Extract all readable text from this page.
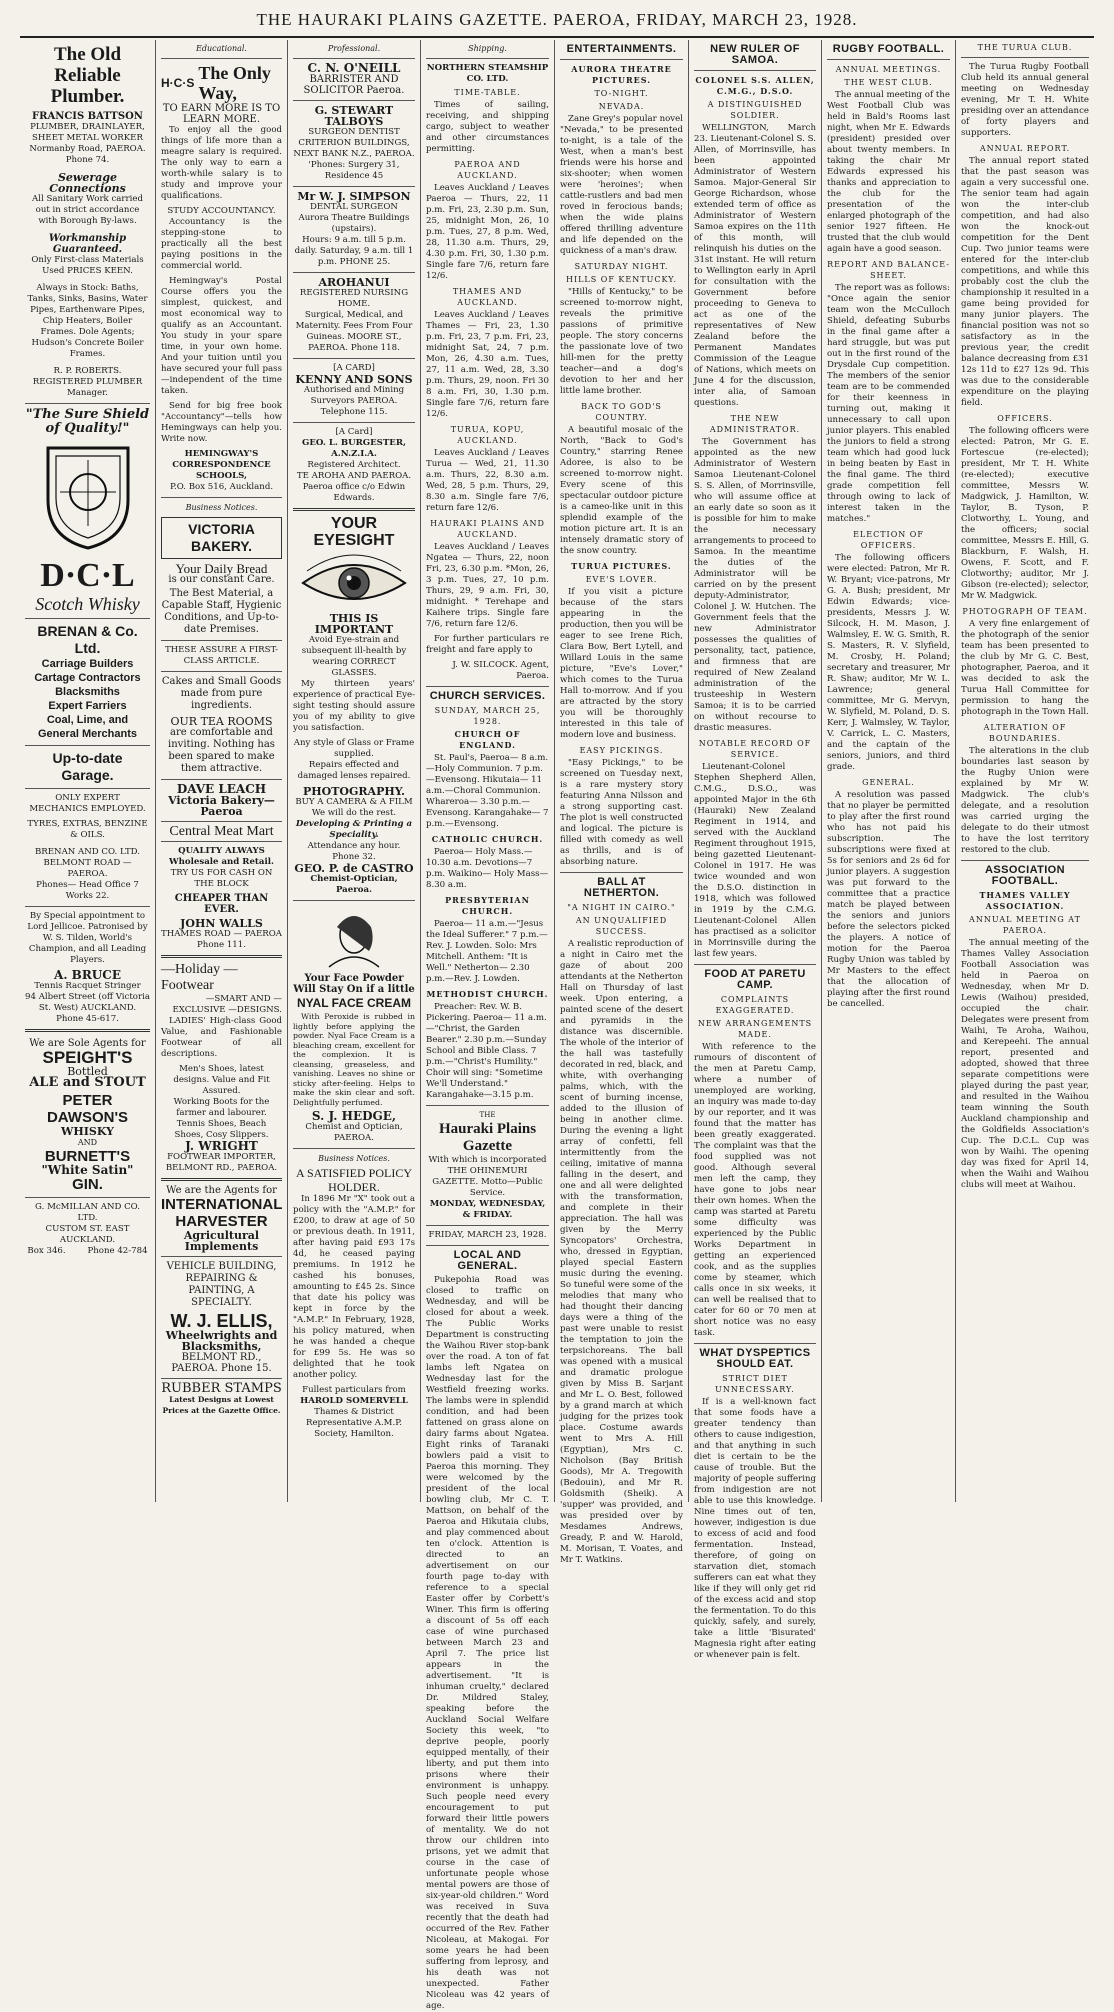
THE HAURAKI PLAINS GAZETTE. PAEROA, FRIDAY, MARCH 23, 1928.
The Old Reliable Plumber.
FRANCIS BATTSON
PLUMBER, DRAINLAYER, SHEET METAL WORKER
Normanby Road, PAEROA. Phone 74.
Sewerage Connections
All Sanitary Work carried out in strict accordance with Borough By-laws.
Workmanship Guaranteed.
Only First-class Materials Used PRICES KEEN.
Always in Stock: Baths, Tanks, Sinks, Basins, Water Pipes, Earthenware Pipes, Chip Heaters, Boiler Frames. Dole Agents; Hudson's Concrete Boiler Frames.
R. P. ROBERTS. REGISTERED PLUMBER Manager.
"The Sure Shield of Quality!"
D·C·L
Scotch Whisky
BRENAN & Co. Ltd.
Carriage Builders
Cartage Contractors
Blacksmiths
Expert Farriers
Coal, Lime, and
General Merchants
Up-to-date Garage.
ONLY EXPERT MECHANICS EMPLOYED.
TYRES, EXTRAS, BENZINE & OILS.
BRENAN AND CO. LTD. BELMONT ROAD — PAEROA.
Phones— Head Office 7 Works 22.
By Special appointment to Lord Jellicoe. Patronised by W. S. Tilden, World's Champion, and all Leading Players.
A. BRUCE
Tennis Racquet Stringer
94 Albert Street (off Victoria St. West) AUCKLAND. Phone 45-617.
We are Sole Agents for
SPEIGHT'S
Bottled
ALE and STOUT
PETER DAWSON'S
WHISKY
AND
BURNETT'S
"White Satin"
GIN.
G. McMILLAN AND CO. LTD.
CUSTOM ST. EAST AUCKLAND.
Box 346.        Phone 42-784
Educational.
H·C·S The Only Way,
TO EARN MORE IS TO LEARN MORE.

To enjoy all the good things of life more than a meagre salary is required. The only way to earn a worth-while salary is to study and improve your qualifications.

STUDY ACCOUNTANCY.

Accountancy is the stepping-stone to practically all the best paying positions in the commercial world.

Hemingway's Postal Course offers you the simplest, quickest, and most economical way to qualify as an Accountant. You study in your spare time, in your own home. And your tuition until you have secured your full pass—independent of the time taken.

Send for big free book "Accountancy"—tells how Hemingways can help you. Write now.

HEMINGWAY'S CORRESPONDENCE SCHOOLS,
P.O. Box 516, Auckland.
Business Notices.
VICTORIA BAKERY.
Your Daily Bread
is our constant Care.
The Best Material, a Capable Staff, Hygienic Conditions, and Up-to-date Premises.
THESE ASSURE A FIRST-CLASS ARTICLE.
Cakes and Small Goods made from pure ingredients.
OUR TEA ROOMS
are comfortable and inviting. Nothing has been spared to make them attractive.
DAVE LEACH
Victoria Bakery—Paeroa
Central Meat Mart
QUALITY ALWAYS
Wholesale and Retail.
TRY US FOR CASH ON THE BLOCK
CHEAPER THAN EVER.
JOHN WALLS
THAMES ROAD — PAEROA Phone 111.
—Holiday —Footwear
—SMART AND —EXCLUSIVE —DESIGNS.

LADIES' High-class Good Value, and Fashionable Footwear of all descriptions.

Men's Shoes, latest designs. Value and Fit Assured.
Working Boots for the farmer and labourer.
Tennis Shoes, Beach Shoes, Cosy Slippers.
J. WRIGHT
FOOTWEAR IMPORTER, BELMONT RD., PAEROA.
We are the Agents for
INTERNATIONAL HARVESTER
Agricultural Implements
VEHICLE BUILDING, REPAIRING & PAINTING, A SPECIALTY.
W. J. ELLIS,
Wheelwrights and Blacksmiths,
BELMONT RD., PAEROA. Phone 15.
RUBBER STAMPS
Latest Designs at Lowest Prices at the Gazette Office.
Professional.
C. N. O'NEILL
BARRISTER AND SOLICITOR Paeroa.
G. STEWART TALBOYS
SURGEON DENTIST
CRITERION BUILDINGS, NEXT BANK N.Z., PAEROA.
'Phones: Surgery 31, Residence 45
Mr W. J. SIMPSON
DENTAL SURGEON
Aurora Theatre Buildings (upstairs).
Hours: 9 a.m. till 5 p.m. daily. Saturday, 9 a.m. till 1 p.m. PHONE 25.
AROHANUI
REGISTERED NURSING HOME.
Surgical, Medical, and Maternity. Fees From Four Guineas. MOORE ST., PAEROA. Phone 118.
[A CARD]
KENNY AND SONS
Authorised and Mining Surveyors PAEROA. Telephone 115.
[A Card]
GEO. L. BURGESTER, A.N.Z.I.A.
Registered Architect.
TE AROHA AND PAEROA.
Paeroa office c/o Edwin Edwards.
YOUR EYESIGHT
THIS IS IMPORTANT
Avoid Eye-strain and subsequent ill-health by wearing CORRECT GLASSES.

My thirteen years' experience of practical Eye-sight testing should assure you of my ability to give you satisfaction.

Any style of Glass or Frame supplied.
Repairs effected and damaged lenses repaired.
PHOTOGRAPHY.
BUY A CAMERA & A FILM We will do the rest.
Developing & Printing a Speciality.
Attendance any hour. Phone 32.
GEO. P. de CASTRO
Chemist-Optician, Paeroa.
Your Face Powder Will Stay On if a little
NYAL FACE CREAM

With Peroxide is rubbed in lightly before applying the powder. Nyal Face Cream is a bleaching cream, excellent for the complexion. It is cleansing, greaseless, and vanishing. Leaves no shine or sticky after-feeling. Helps to make the skin clear and soft. Delightfully perfumed.

S. J. HEDGE,
Chemist and Optician, PAEROA.
Business Notices.
A SATISFIED POLICY HOLDER.

In 1896 Mr "X" took out a policy with the "A.M.P." for £200, to draw at age of 50 or previous death. In 1911, after having paid £93 17s 4d, he ceased paying premiums. In 1912 he cashed his bonuses, amounting to £45 2s. Since that date his policy was kept in force by the "A.M.P." In February, 1928, his policy matured, when he was handed a cheque for £99 5s. He was so delighted that he took another policy.

Fullest particulars from
HAROLD SOMERVELL
Thames & District Representative A.M.P. Society, Hamilton.
Shipping.
NORTHERN STEAMSHIP CO. LTD.
TIME-TABLE.

Times of sailing, receiving, and shipping cargo, subject to weather and other circumstances permitting.

PAEROA AND AUCKLAND.

Leaves Auckland / Leaves Paeroa — Thurs, 22, 11 p.m. Fri, 23, 2.30 p.m. Sun, 25, midnight Mon, 26, 10 p.m. Tues, 27, 8 p.m. Wed, 28, 11.30 a.m. Thurs, 29, 4.30 p.m. Fri, 30, 1.30 p.m. Single fare 7/6, return fare 12/6.

THAMES AND AUCKLAND.

Leaves Auckland / Leaves Thames — Fri, 23, 1.30 p.m. Fri, 23, 7 p.m. Fri, 23, midnight Sat, 24, 7 p.m. Mon, 26, 4.30 a.m. Tues, 27, 11 a.m. Wed, 28, 3.30 p.m. Thurs, 29, noon. Fri 30 8 a.m. Fri, 30, 1.30 p.m. Single fare 7/6, return fare 12/6.

TURUA, KOPU, AUCKLAND.

Leaves Auckland / Leaves Turua — Wed, 21, 11.30 a.m. Thurs, 22, 8.30 a.m. Wed, 28, 5 p.m. Thurs, 29, 8.30 a.m. Single fare 7/6, return fare 12/6.

HAURAKI PLAINS AND AUCKLAND.

Leaves Auckland / Leaves Ngatea — Thurs, 22, noon Fri, 23, 6.30 p.m. *Mon, 26, 3 p.m. Tues, 27, 10 p.m. Thurs, 29, 9 a.m. Fri, 30, midnight. * Terehape and Kaihere trips. Single fare 7/6, return fare 12/6.

For further particulars re freight and fare apply to

J. W. SILCOCK. Agent, Paeroa.
CHURCH SERVICES.
SUNDAY, MARCH 25, 1928.
CHURCH OF ENGLAND.

St. Paul's, Paeroa— 8 a.m.—Holy Communion. 7 p.m.—Evensong. Hikutaia— 11 a.m.—Choral Communion. Whareroa— 3.30 p.m.—Evensong. Karangahake— 7 p.m.—Evensong.

CATHOLIC CHURCH.

Paeroa— Holy Mass.—10.30 a.m. Devotions—7 p.m. Waikino— Holy Mass—8.30 a.m.

PRESBYTERIAN CHURCH.

Paeroa— 11 a.m.—"Jesus the Ideal Sufferer." 7 p.m.—Rev. J. Lowden. Solo: Mrs Mitchell. Anthem: "It is Well." Netherton— 2.30 p.m.—Rev. J. Lowden.

METHODIST CHURCH.

Preacher: Rev. W. B. Pickering. Paeroa— 11 a.m.—"Christ, the Garden Bearer." 2.30 p.m.—Sunday School and Bible Class. 7 p.m.—"Christ's Humility." Choir will sing: "Sometime We'll Understand." Karangahake—3.15 p.m.

THE
Hauraki Plains Gazette
With which is incorporated THE OHINEMURI GAZETTE. Motto—Public Service.
MONDAY, WEDNESDAY, & FRIDAY.
FRIDAY, MARCH 23, 1928.
LOCAL AND GENERAL.

Pukepohia Road was closed to traffic on Wednesday, and will be closed for about a week. The Public Works Department is constructing the Waihou River stop-bank over the road. A ton of fat lambs left Ngatea on Wednesday last for the Westfield freezing works. The lambs were in splendid condition, and had been fattened on grass alone on dairy farms about Ngatea. Eight rinks of Taranaki bowlers paid a visit to Paeroa this morning. They were welcomed by the president of the local bowling club, Mr C. T. Mattson, on behalf of the Paeroa and Hikutaia clubs, and play commenced about ten o'clock. Attention is directed to an advertisement on our fourth page to-day with reference to a special Easter offer by Corbett's Winer. This firm is offering a discount of 5s off each case of wine purchased between March 23 and April 7. The price list appears in the advertisement. "It is inhuman cruelty," declared Dr. Mildred Staley, speaking before the Auckland Social Welfare Society this week, "to deprive people, poorly equipped mentally, of their liberty, and put them into prisons where their environment is unhappy. Such people need every encouragement to put forward their little powers of mentality. We do not throw our children into prisons, yet we admit that course in the case of unfortunate people whose mental powers are those of six-year-old children." Word was received in Suva recently that the death had occurred of the Rev. Father Nicoleau, at Makogai. For some years he had been suffering from leprosy, and his death was not unexpected. Father Nicoleau was 42 years of age.

ENTERTAINMENTS.
AURORA THEATRE PICTURES.
TO-NIGHT.
NEVADA.

Zane Grey's popular novel "Nevada," to be presented to-night, is a tale of the West, when a man's best friends were his horse and six-shooter; when women were 'heroines'; when cattle-rustlers and bad men roved in ferocious bands; when the wide plains offered thrilling adventure and life depended on the quickness of a man's draw.

SATURDAY NIGHT.
HILLS OF KENTUCKY.

"Hills of Kentucky," to be screened to-morrow night, reveals the primitive passions of primitive people. The story concerns the passionate love of two hill-men for the pretty teacher—and a dog's devotion to her and her little lame brother.

BACK TO GOD'S COUNTRY.

A beautiful mosaic of the North, "Back to God's Country," starring Renee Adoree, is also to be screened to-morrow night. Every scene of this spectacular outdoor picture is a cameo-like unit in this splendid example of the motion picture art. It is an intensely dramatic story of the snow country.

TURUA PICTURES.
EVE'S LOVER.

If you visit a picture because of the stars appearing in the production, then you will be eager to see Irene Rich, Clara Bow, Bert Lytell, and Willard Louis in the same picture, "Eve's Lover," which comes to the Turua Hall to-morrow. And if you are attracted by the story you will be thoroughly interested in this tale of modern love and business.

EASY PICKINGS.

"Easy Pickings," to be screened on Tuesday next, is a rare mystery story featuring Anna Nilsson and a strong supporting cast. The plot is well constructed and logical. The picture is filled with comedy as well as thrills, and is of absorbing nature.

BALL AT NETHERTON.
"A NIGHT IN CAIRO."
AN UNQUALIFIED SUCCESS.

A realistic reproduction of a night in Cairo met the gaze of about 200 attendants at the Netherton Hall on Thursday of last week. Upon entering, a painted scene of the desert and pyramids in the distance was discernible. The whole of the interior of the hall was tastefully decorated in red, black, and white, with overhanging palms, which, with the scent of burning incense, added to the illusion of being in another clime. During the evening a light array of confetti, fell intermittently from the ceiling, imitative of manna falling in the desert, and one and all were delighted with the transformation, and complete in their appreciation. The hall was given by the Merry Syncopators' Orchestra, who, dressed in Egyptian, played special Eastern music during the evening. So tuneful were some of the melodies that many who had thought their dancing days were a thing of the past were unable to resist the temptation to join the terpsichoreans. The ball was opened with a musical and dramatic prologue given by Miss B. Sarjant and Mr L. O. Best, followed by a grand march at which judging for the prizes took place. Costume awards went to Mrs A. Hill (Egyptian), Mrs C. Nicholson (Bay British Goods), Mr A. Tregowith (Bedouin), and Mr R. Goldsmith (Sheik). A 'supper' was provided, and was presided over by Mesdames Andrews, Gready, P. and W. Harold, M. Morisan, T. Voates, and Mr T. Watkins.

NEW RULER OF SAMOA.
COLONEL S.S. ALLEN, C.M.G., D.S.O.
A DISTINGUISHED SOLDIER.

WELLINGTON, March 23. Lieutenant-Colonel S. S. Allen, of Morrinsville, has been appointed Administrator of Western Samoa. Major-General Sir George Richardson, whose extended term of office as Administrator of Western Samoa expires on the 11th of this month, will relinquish his duties on the 31st instant. He will return to Wellington early in April for consultation with the Government before proceeding to Geneva to act as one of the representatives of New Zealand before the Permanent Mandates Commission of the League of Nations, which meets on June 4 for the discussion, inter alia, of Samoan questions.

THE NEW ADMINISTRATOR.

The Government has appointed as the new Administrator of Western Samoa Lieutenant-Colonel S. S. Allen, of Morrinsville, who will assume office at an early date so soon as it is possible for him to make the necessary arrangements to proceed to Samoa. In the meantime the duties of the Administrator will be carried on by the present deputy-Administrator, Colonel J. W. Hutchen. The Government feels that the new Administrator possesses the qualities of personality, tact, patience, and firmness that are required of New Zealand administration of the trusteeship in Western Samoa; it is to be carried on without recourse to drastic measures.

NOTABLE RECORD OF SERVICE.

Lieutenant-Colonel Stephen Shepherd Allen, C.M.G., D.S.O., was appointed Major in the 6th (Hauraki) New Zealand Regiment in 1914, and served with the Auckland Regiment throughout 1915, being gazetted Lieutenant-Colonel in 1917. He was twice wounded and won the D.S.O. distinction in 1918, which was followed in 1919 by the C.M.G. Lieutenant-Colonel Allen has practised as a solicitor in Morrinsville during the last few years.

FOOD AT PARETU CAMP.
COMPLAINTS EXAGGERATED.
NEW ARRANGEMENTS MADE.

With reference to the rumours of discontent of the men at Paretu Camp, where a number of unemployed are working, an inquiry was made to-day by our reporter, and it was found that the matter has been greatly exaggerated. The complaint was that the food supplied was not good. Although several men left the camp, they have gone to jobs near their own homes. When the camp was started at Paretu some difficulty was experienced by the Public Works Department in getting an experienced cook, and as the supplies come by steamer, which calls once in six weeks, it can well be realised that to cater for 60 or 70 men at short notice was no easy task.

WHAT DYSPEPTICS SHOULD EAT.
STRICT DIET UNNECESSARY.

If is a well-known fact that some foods have a greater tendency than others to cause indigestion, and that anything in such diet is certain to be the cause of trouble. But the majority of people suffering from indigestion are not able to use this knowledge. Nine times out of ten, however, indigestion is due to excess of acid and food fermentation. Instead, therefore, of going on starvation diet, stomach sufferers can eat what they like if they will only get rid of the excess acid and stop the fermentation. To do this quickly, safely, and surely, take a little 'Bisurated' Magnesia right after eating or whenever pain is felt.

RUGBY FOOTBALL.
ANNUAL MEETINGS.
THE WEST CLUB.

The annual meeting of the West Football Club was held in Bald's Rooms last night, when Mr E. Edwards (president) presided over about twenty members. In taking the chair Mr Edwards expressed his thanks and appreciation to the club for the presentation of the enlarged photograph of the senior 1927 fifteen. He trusted that the club would again have a good season.

REPORT AND BALANCE-SHEET.

The report was as follows: "Once again the senior team won the McCulloch Shield, defeating Suburbs in the final game after a hard struggle, but was put out in the first round of the Drysdale Cup competition. The members of the senior team are to be commended for their keenness in turning out, making it unnecessary to call upon junior players. This enabled the juniors to field a strong team which had good luck in being beaten by East in the final game. The third grade competition fell through owing to lack of interest taken in the matches."

ELECTION OF OFFICERS.

The following officers were elected: Patron, Mr R. W. Bryant; vice-patrons, Mr G. A. Bush; president, Mr Edwin Edwards; vice-presidents, Messrs J. W. Silcock, H. M. Mason, J. Walmsley, E. W. G. Smith, R. S. Masters, R. V. Slyfield, M. Crosby, H. Poland; secretary and treasurer, Mr R. Shaw; auditor, Mr W. L. Lawrence; general committee, Mr G. Mervyn, W. Slyfield, M. Poland, D. S. Kerr, J. Walmsley, W. Taylor, V. Carrick, L. C. Masters, and the captain of the seniors, juniors, and third grade.

GENERAL.

A resolution was passed that no player be permitted to play after the first round who has not paid his subscription. The subscriptions were fixed at 5s for seniors and 2s 6d for junior players. A suggestion was put forward to the committee that a practice match be played between the seniors and juniors before the selectors picked the players. A notice of motion for the Paeroa Rugby Union was tabled by Mr Masters to the effect that the allocation of playing after the first round be cancelled.

THE TURUA CLUB.

The Turua Rugby Football Club held its annual general meeting on Wednesday evening, Mr T. H. White presiding over an attendance of forty players and supporters.

ANNUAL REPORT.

The annual report stated that the past season was again a very successful one. The senior team had again won the inter-club competition, and had also won the knock-out competition for the Dent Cup. Two junior teams were entered for the inter-club competitions, and while this probably cost the club the championship it resulted in a game being provided for many junior players. The financial position was not so satisfactory as in the previous year, the credit balance decreasing from £31 12s 11d to £27 12s 9d. This was due to the considerable expenditure on the playing field.

OFFICERS.

The following officers were elected: Patron, Mr G. E. Fortescue (re-elected); president, Mr T. H. White (re-elected); executive committee, Messrs W. Madgwick, J. Hamilton, W. Taylor, B. Tyson, P. Clotworthy, L. Young, and the officers; social committee, Messrs E. Hill, G. Blackburn, F. Walsh, H. Owens, F. Scott, and F. Clotworthy; auditor, Mr J. Gibson (re-elected); selector, Mr W. Madgwick.

PHOTOGRAPH OF TEAM.

A very fine enlargement of the photograph of the senior team has been presented to the club by Mr G. C. Best, photographer, Paeroa, and it was decided to ask the Turua Hall Committee for permission to hang the photograph in the Town Hall.

ALTERATION OF BOUNDARIES.

The alterations in the club boundaries last season by the Rugby Union were explained by Mr W. Madgwick. The club's delegate, and a resolution was carried urging the delegate to do their utmost to have the lost territory restored to the club.

ASSOCIATION FOOTBALL.
THAMES VALLEY ASSOCIATION.
ANNUAL MEETING AT PAEROA.

The annual meeting of the Thames Valley Association Football Association was held in Paeroa on Wednesday, when Mr D. Lewis (Waihou) presided, occupied the chair. Delegates were present from Waihi, Te Aroha, Waihou, and Kerepeehi. The annual report, presented and adopted, showed that three separate competitions were played during the past year, and resulted in the Waihou team winning the South Auckland championship and the Goldfields Association's Cup. The D.C.L. Cup was won by Waihi. The opening day was fixed for April 14, when the Waihi and Waihou clubs will meet at Waihou.
